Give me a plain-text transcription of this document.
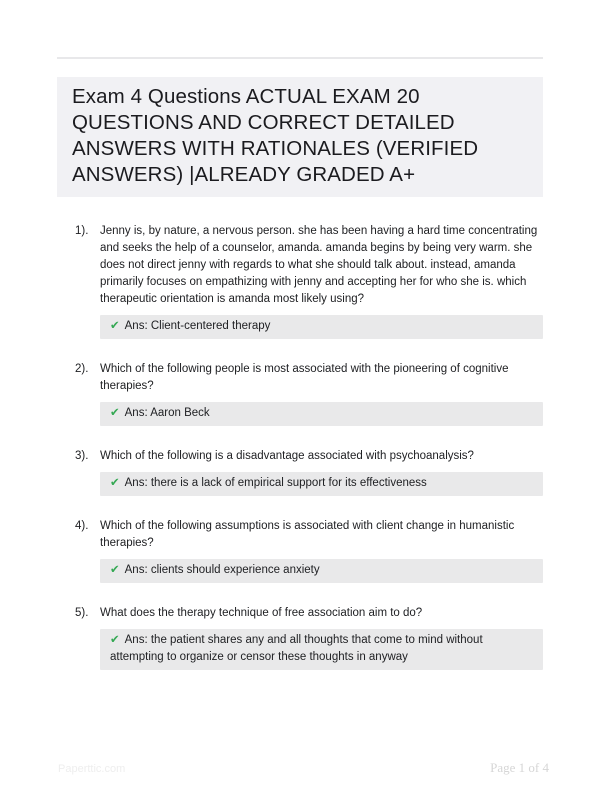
Exam 4 Questions ACTUAL EXAM 20 QUESTIONS AND CORRECT DETAILED ANSWERS WITH RATIONALES (VERIFIED ANSWERS) |ALREADY GRADED A+
1).	Jenny is, by nature, a nervous person. she has been having a hard time concentrating and seeks the help of a counselor, amanda. amanda begins by being very warm. she does not direct jenny with regards to what she should talk about. instead, amanda primarily focuses on empathizing with jenny and accepting her for who she is. which therapeutic orientation is amanda most likely using?
✔ Ans: Client-centered therapy
2).	Which of the following people is most associated with the pioneering of cognitive therapies?
✔ Ans: Aaron Beck
3).	Which of the following is a disadvantage associated with psychoanalysis?
✔ Ans: there is a lack of empirical support for its effectiveness
4).	Which of the following assumptions is associated with client change in humanistic therapies?
✔ Ans: clients should experience anxiety
5).	What does the therapy technique of free association aim to do?
✔ Ans: the patient shares any and all thoughts that come to mind without attempting to organize or censor these thoughts in anyway
Paperttic.com	Page 1 of 4
